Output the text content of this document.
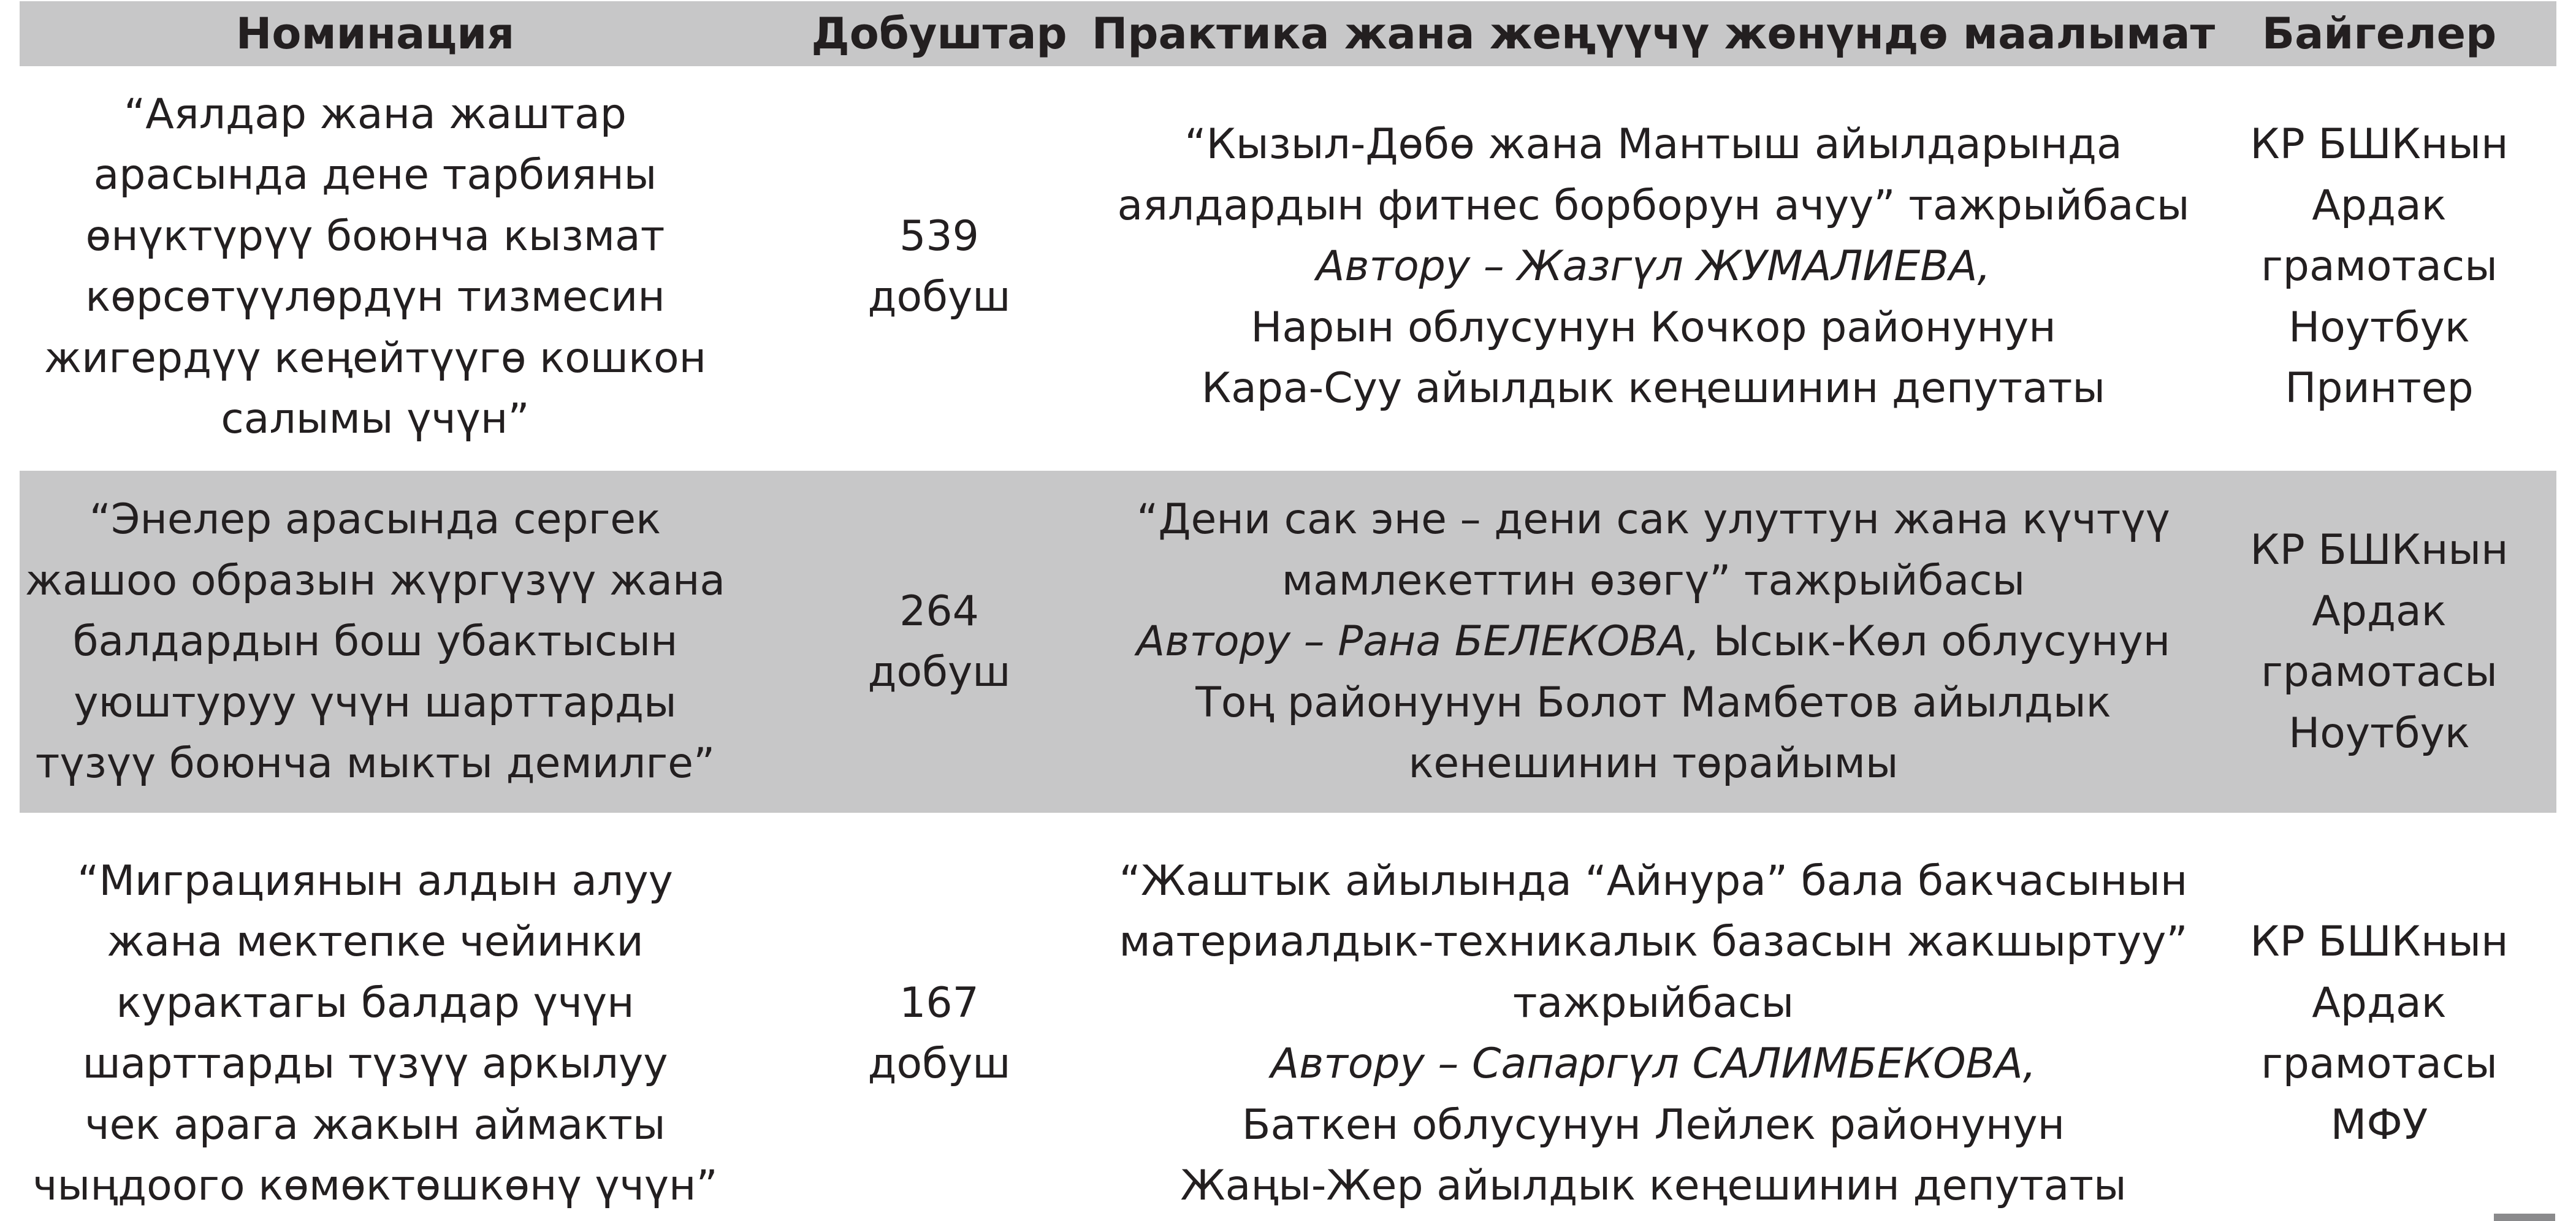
Номинация	Добуштар Практика жана жеңүүчү жөнүндө маалымат	Байгелер
“Аялдар жана жаштар
арасында дене тарбияны
өнүктүрүү боюнча кызмат
көрсөтүүлөрдүн тизмесин
жигердүү кеңейтүүгө кошкон
салымы үчүн”
539
добуш
“Кызыл-Дөбө жана Мантыш айылдарында
аялдардын фитнес борборун ачуу” тажрыйбасы
Автору – Жазгүл ЖУМАЛИЕВА,
Нарын облусунун Кочкор районунун
Кара-Суу айылдык кеңешинин депутаты
КР БШКнын
Ардак
грамотасы
Ноутбук
Принтер
“Энелер арасында сергек
жашоо образын жүргүзүү жана
балдардын бош убактысын
уюштуруу үчүн шарттарды
түзүү боюнча мыкты демилге”
264
добуш
“Дени сак эне – дени сак улуттун жана күчтүү
мамлекеттин өзөгү” тажрыйбасы
Автору – Рана БЕЛЕКОВА, Ысык-Көл облусунун
Тоң районунун Болот Мамбетов айылдык
кенешинин төрайымы
КР БШКнын
Ардак
грамотасы
Ноутбук
“Миграциянын алдын алуу
жана мектепке чейинки
курактагы балдар үчүн
шарттарды түзүү аркылуу
чек арага жакын аймакты
чыңдоого көмөктөшкөнү үчүн”
167
добуш
“Жаштык айылында “Айнура” бала бакчасынын
материалдык-техникалык базасын жакшыртуу”
тажрыйбасы
Автору – Сапаргүл САЛИМБЕКОВА,
Баткен облусунун Лейлек районунун
Жаңы-Жер айылдык кеңешинин депутаты
КР БШКнын
Ардак
грамотасы
МФУ
